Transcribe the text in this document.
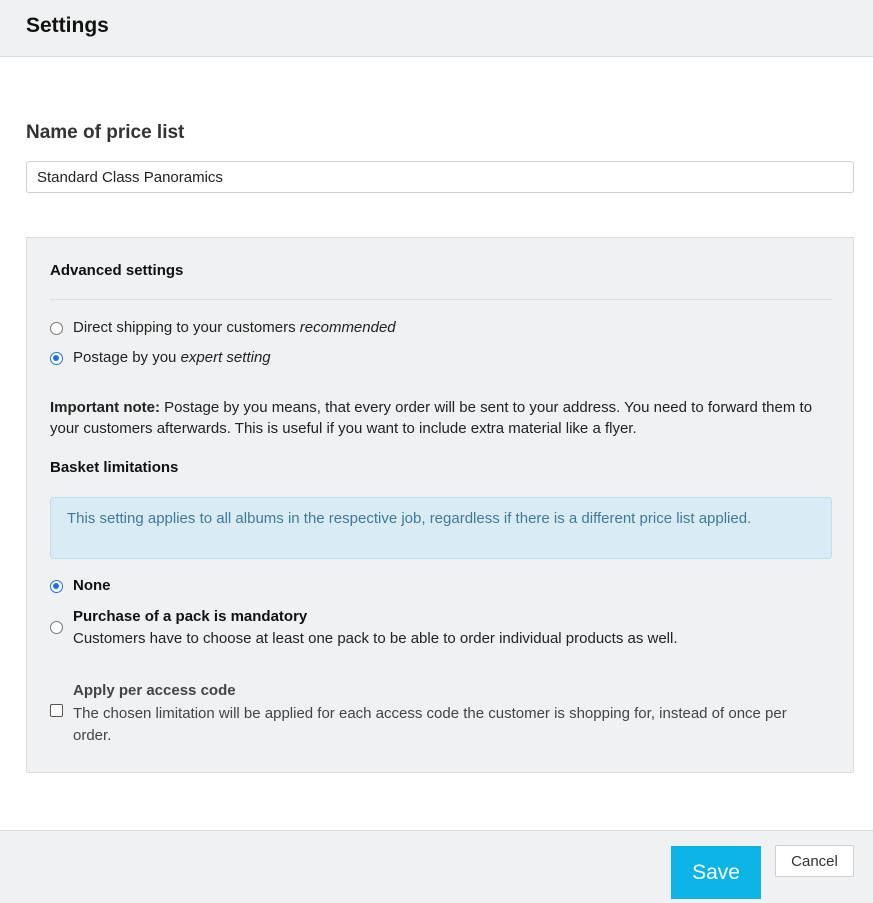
Settings
Name of price list
Standard Class Panoramics
Advanced settings
Direct shipping to your customers recommended
Postage by you expert setting
Important note: Postage by you means, that every order will be sent to your address. You need to forward them to your customers afterwards. This is useful if you want to include extra material like a flyer.
Basket limitations
This setting applies to all albums in the respective job, regardless if there is a different price list applied.
None
Purchase of a pack is mandatory
Customers have to choose at least one pack to be able to order individual products as well.
Apply per access code
The chosen limitation will be applied for each access code the customer is shopping for, instead of once per order.
Save	Cancel
